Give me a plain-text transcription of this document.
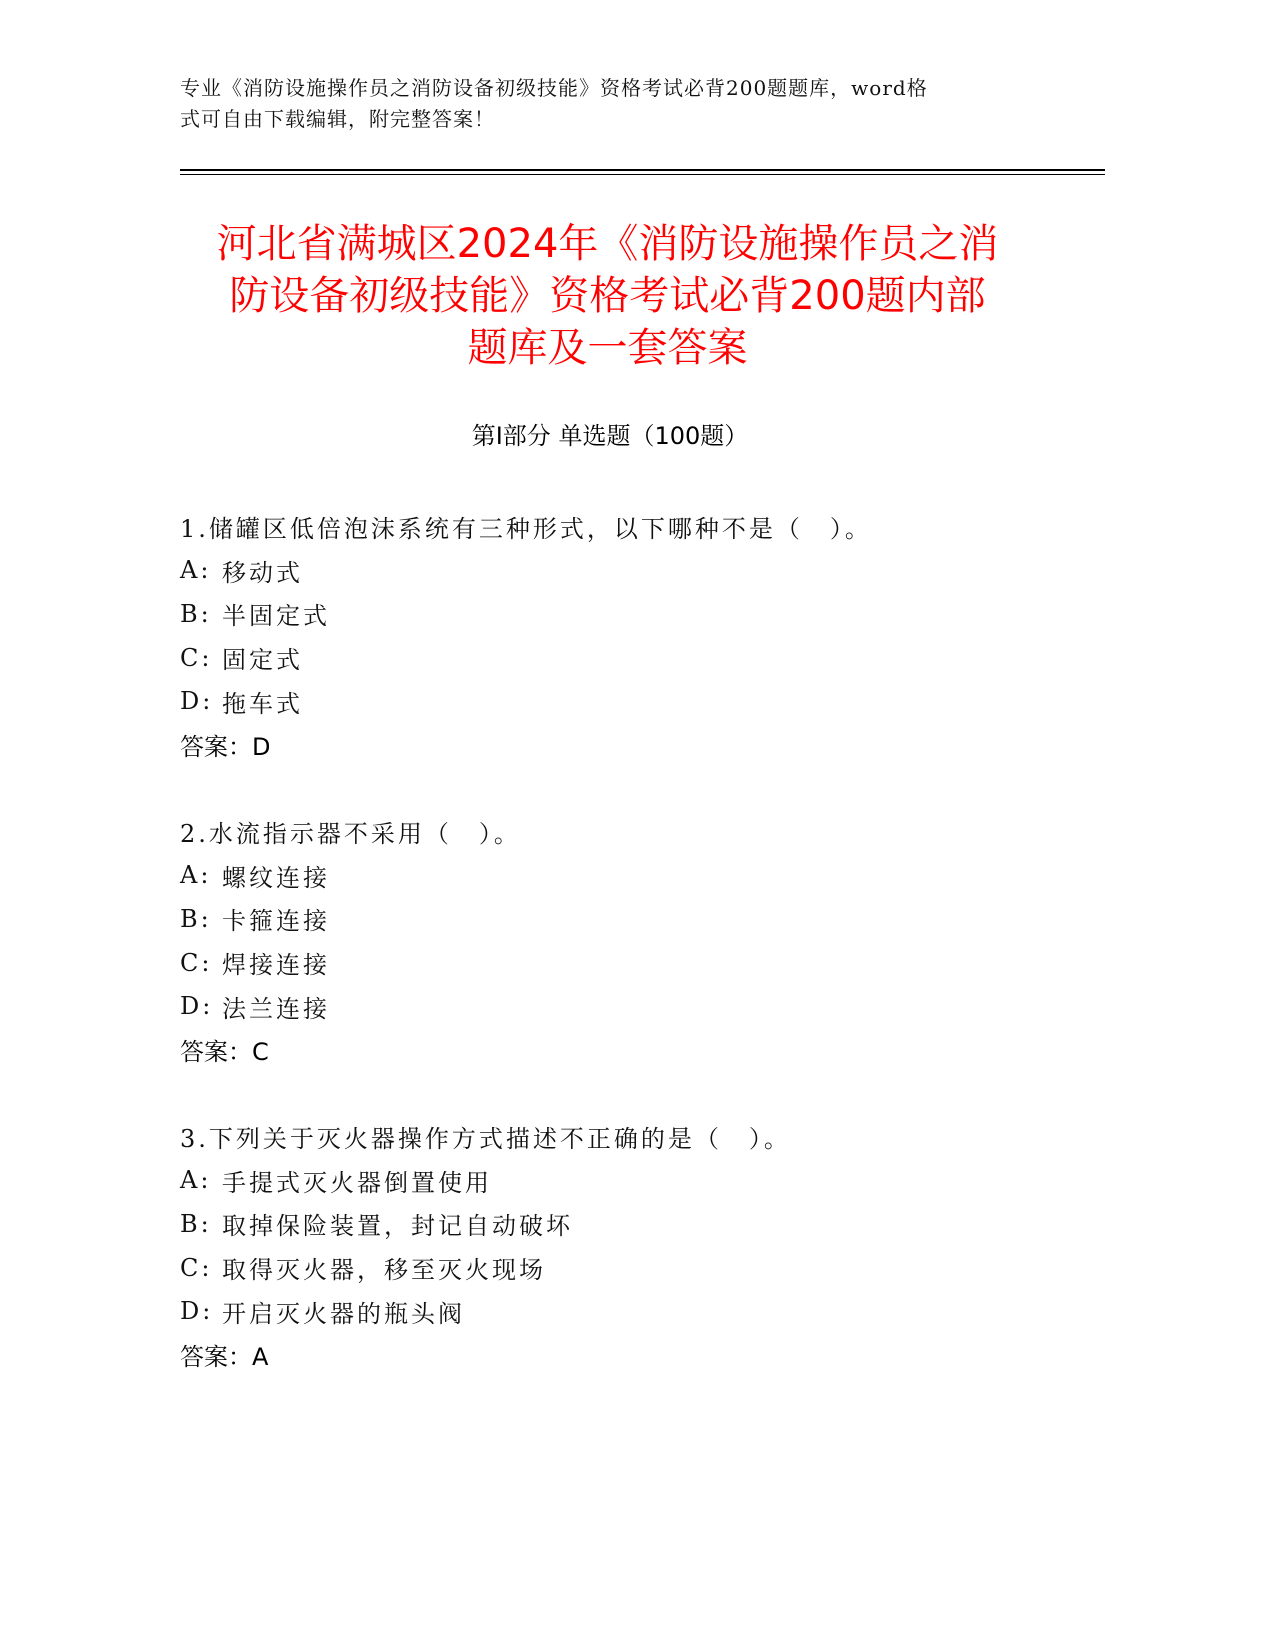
专业《消防设施操作员之消防设备初级技能》资格考试必背200题题库，word格
式可自由下载编辑，附完整答案！
河北省满城区2024年《消防设施操作员之消
防设备初级技能》资格考试必背200题内部
题库及一套答案
第Ⅰ部分 单选题（100题）
1.储罐区低倍泡沫系统有三种形式，以下哪种不是（　）。
A: 移动式
B: 半固定式
C: 固定式
D: 拖车式
答案：D
2.水流指示器不采用（　）。
A: 螺纹连接
B: 卡箍连接
C: 焊接连接
D: 法兰连接
答案：C
3.下列关于灭火器操作方式描述不正确的是（　）。
A: 手提式灭火器倒置使用
B: 取掉保险装置，封记自动破坏
C: 取得灭火器，移至灭火现场
D: 开启灭火器的瓶头阀
答案：A
